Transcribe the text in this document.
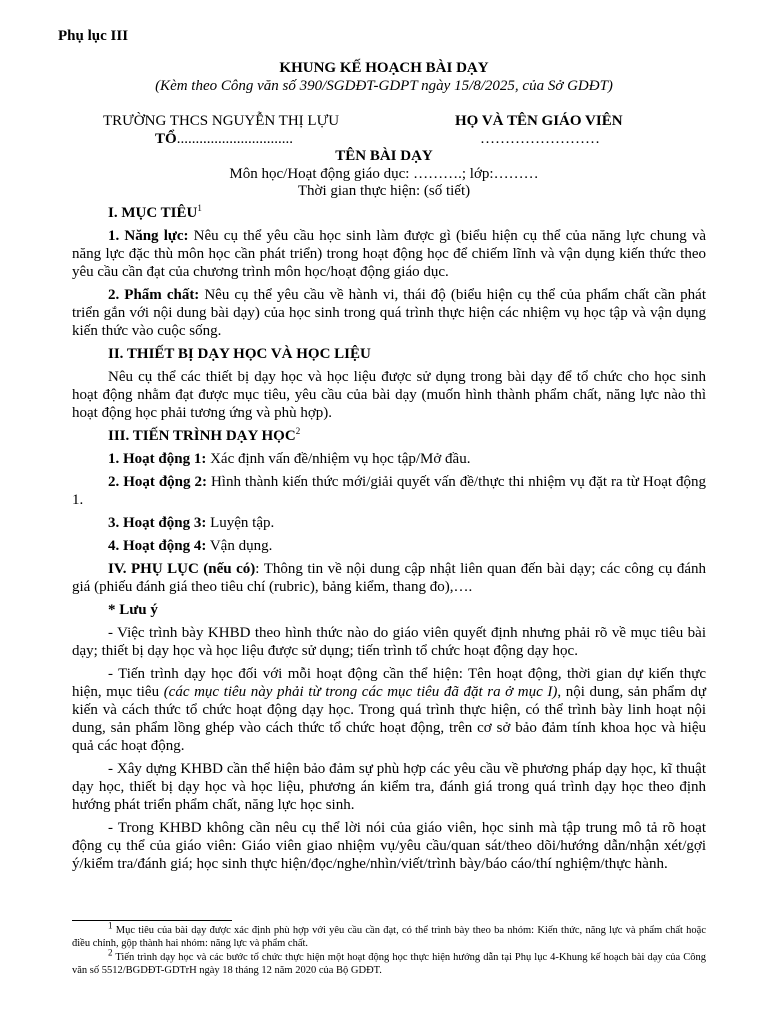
Phụ lục III
KHUNG KẾ HOẠCH BÀI DẠY
(Kèm theo Công văn số 390/SGDĐT-GDPT ngày 15/8/2025, của Sở GDĐT)
TRƯỜNG THCS NGUYỄN THỊ LỰU	HỌ VÀ TÊN GIÁO VIÊN
TỔ...............................	……………………
TÊN BÀI DẠY
Môn học/Hoạt động giáo dục: ……….; lớp:………
Thời gian thực hiện: (số tiết)

I. MỤC TIÊU$^1$

1. Năng lực: Nêu cụ thể yêu cầu học sinh làm được gì (biểu hiện cụ thể của năng lực chung và năng lực đặc thù môn học cần phát triển) trong hoạt động học để chiếm lĩnh và vận dụng kiến thức theo yêu cầu cần đạt của chương trình môn học/hoạt động giáo dục.

2. Phẩm chất: Nêu cụ thể yêu cầu về hành vi, thái độ (biểu hiện cụ thể của phẩm chất cần phát triển gắn với nội dung bài dạy) của học sinh trong quá trình thực hiện các nhiệm vụ học tập và vận dụng kiến thức vào cuộc sống.

II. THIẾT BỊ DẠY HỌC VÀ HỌC LIỆU

Nêu cụ thể các thiết bị dạy học và học liệu được sử dụng trong bài dạy để tổ chức cho học sinh hoạt động nhằm đạt được mục tiêu, yêu cầu của bài dạy (muốn hình thành phẩm chất, năng lực nào thì hoạt động học phải tương ứng và phù hợp).

III. TIẾN TRÌNH DẠY HỌC$^2$

1. Hoạt động 1: Xác định vấn đề/nhiệm vụ học tập/Mở đầu.

2. Hoạt động 2: Hình thành kiến thức mới/giải quyết vấn đề/thực thi nhiệm vụ đặt ra từ Hoạt động 1.

3. Hoạt động 3: Luyện tập.

4. Hoạt động 4: Vận dụng.

IV. PHỤ LỤC (nếu có): Thông tin về nội dung cập nhật liên quan đến bài dạy; các công cụ đánh giá (phiếu đánh giá theo tiêu chí (rubric), bảng kiểm, thang đo),….

* Lưu ý

- Việc trình bày KHBD theo hình thức nào do giáo viên quyết định nhưng phải rõ về mục tiêu bài dạy; thiết bị dạy học và học liệu được sử dụng; tiến trình tổ chức hoạt động dạy học.

- Tiến trình dạy học đối với mỗi hoạt động cần thể hiện: Tên hoạt động, thời gian dự kiến thực hiện, mục tiêu (các mục tiêu này phải từ trong các mục tiêu đã đặt ra ở mục I), nội dung, sản phẩm dự kiến và cách thức tổ chức hoạt động dạy học. Trong quá trình thực hiện, có thể trình bày linh hoạt nội dung, sản phẩm lồng ghép vào cách thức tổ chức hoạt động, trên cơ sở bảo đảm tính khoa học và hiệu quả các hoạt động.

- Xây dựng KHBD cần thể hiện bảo đảm sự phù hợp các yêu cầu về phương pháp dạy học, kĩ thuật dạy học, thiết bị dạy học và học liệu, phương án kiểm tra, đánh giá trong quá trình dạy học theo định hướng phát triển phẩm chất, năng lực học sinh.

- Trong KHBD không cần nêu cụ thể lời nói của giáo viên, học sinh mà tập trung mô tả rõ hoạt động cụ thể của giáo viên: Giáo viên giao nhiệm vụ/yêu cầu/quan sát/theo dõi/hướng dẫn/nhận xét/gợi ý/kiểm tra/đánh giá; học sinh thực hiện/đọc/nghe/nhìn/viết/trình bày/báo cáo/thí nghiệm/thực hành.

$^1$ Mục tiêu của bài dạy được xác định phù hợp với yêu cầu cần đạt, có thể trình bày theo ba nhóm: Kiến thức, năng lực và phẩm chất hoặc điều chỉnh, gộp thành hai nhóm: năng lực và phẩm chất.

$^2$ Tiến trình dạy học và các bước tổ chức thực hiện một hoạt động học thực hiện hướng dẫn tại Phụ lục 4-Khung kế hoạch bài dạy của Công văn số 5512/BGDĐT-GDTrH ngày 18 tháng 12 năm 2020 của Bộ GDĐT.
